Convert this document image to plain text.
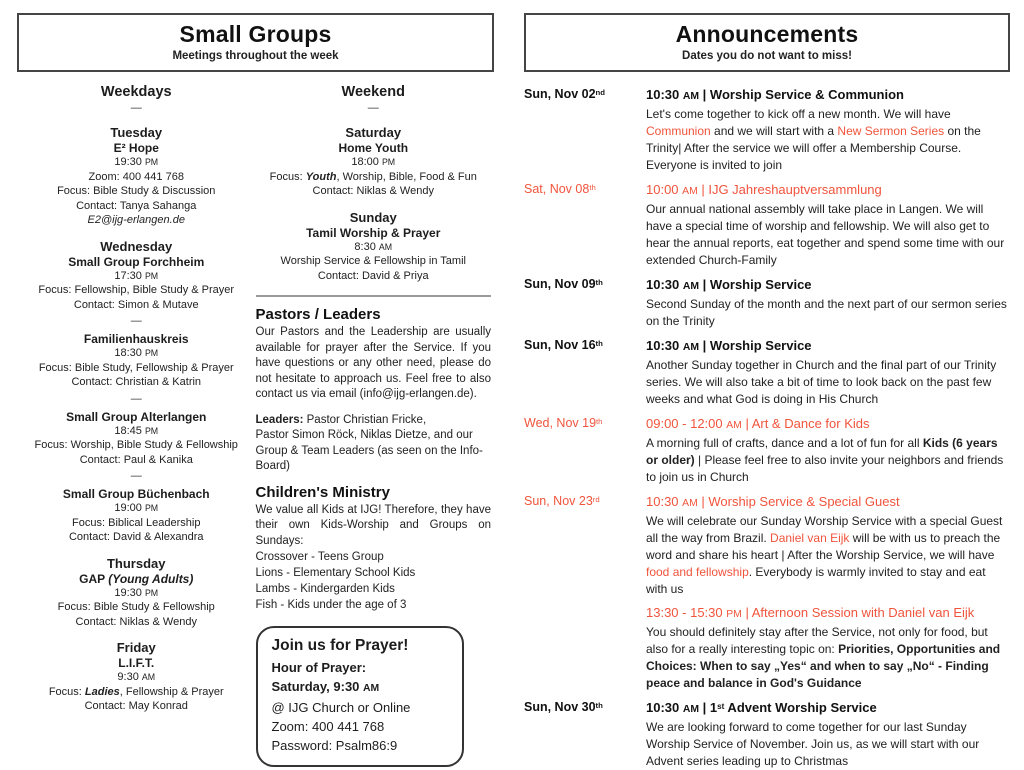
Small Groups
Meetings throughout the week
Weekdays
—
Tuesday
E² Hope
19:30 PM
Zoom: 400 441 768
Focus: Bible Study & Discussion
Contact: Tanya Sahanga
E2@ijg-erlangen.de
Wednesday
Small Group Forchheim
17:30 PM
Focus: Fellowship, Bible Study & Prayer
Contact: Simon & Mutave
—
Familienhauskreis
18:30 PM
Focus: Bible Study, Fellowship & Prayer
Contact: Christian & Katrin
—
Small Group Alterlangen
18:45 PM
Focus: Worship, Bible Study & Fellowship
Contact: Paul & Kanika
—
Small Group Büchenbach
19:00 PM
Focus: Biblical Leadership
Contact: David & Alexandra
Thursday
GAP (Young Adults)
19:30 PM
Focus: Bible Study & Fellowship
Contact: Niklas & Wendy
Friday
L.I.F.T.
9:30 AM
Focus: Ladies, Fellowship & Prayer
Contact: May Konrad
Weekend
—
Saturday
Home Youth
18:00 PM
Focus: Youth, Worship, Bible, Food & Fun
Contact: Niklas & Wendy
Sunday
Tamil Worship & Prayer
8:30 AM
Worship Service & Fellowship in Tamil
Contact: David & Priya
Pastors / Leaders

Our Pastors and the Leadership are usually available for prayer after the Service. If you have questions or any other need, please do not hesitate to approach us. Feel free to also contact us via email (info@ijg-erlangen.de).

Leaders: Pastor Christian Fricke,
Pastor Simon Röck, Niklas Dietze, and our
Group & Team Leaders (as seen on the Info-Board)
Children's Ministry

We value all Kids at IJG! Therefore, they have their own Kids-Worship and Groups on Sundays:

Crossover - Teens Group
Lions - Elementary School Kids
Lambs - Kindergarden Kids
Fish - Kids under the age of 3
Join us for Prayer!
Hour of Prayer:
Saturday, 9:30 AM
@ IJG Church or Online
Zoom: 400 441 768
Password: Psalm86:9
Announcements
Dates you do not want to miss!
Sun, Nov 02nd	10:30 AM | Worship Service & Communion
Let's come together to kick off a new month. We will have Communion and we will start with a New Sermon Series on the Trinity| After the service we will offer a Membership Course. Everyone is invited to join
Sat, Nov 08th	10:00 AM | IJG Jahreshauptversammlung
Our annual national assembly will take place in Langen. We will have a special time of worship and fellowship. We will also get to hear the annual reports, eat together and spend some time with our extended Church-Family
Sun, Nov 09th	10:30 AM | Worship Service
Second Sunday of the month and the next part of our sermon series on the Trinity
Sun, Nov 16th	10:30 AM | Worship Service
Another Sunday together in Church and the final part of our Trinity series. We will also take a bit of time to look back on the past few weeks and what God is doing in His Church
Wed, Nov 19th	09:00 - 12:00 AM | Art & Dance for Kids
A morning full of crafts, dance and a lot of fun for all Kids (6 years or older) | Please feel free to also invite your neighbors and friends to join us in Church
Sun, Nov 23rd	10:30 AM | Worship Service & Special Guest
We will celebrate our Sunday Worship Service with a special Guest all the way from Brazil. Daniel van Eijk will be with us to preach the word and share his heart | After the Worship Service, we will have food and fellowship. Everybody is warmly invited to stay and eat with us
13:30 - 15:30 PM | Afternoon Session with Daniel van Eijk
You should definitely stay after the Service, not only for food, but also for a really interesting topic on: Priorities, Opportunities and Choices: When to say „Yes“ and when to say „No“ - Finding peace and balance in God's Guidance
Sun, Nov 30th	10:30 AM | 1st Advent Worship Service
We are looking forward to come together for our last Sunday Worship Service of November. Join us, as we will start with our Advent series leading up to Christmas
